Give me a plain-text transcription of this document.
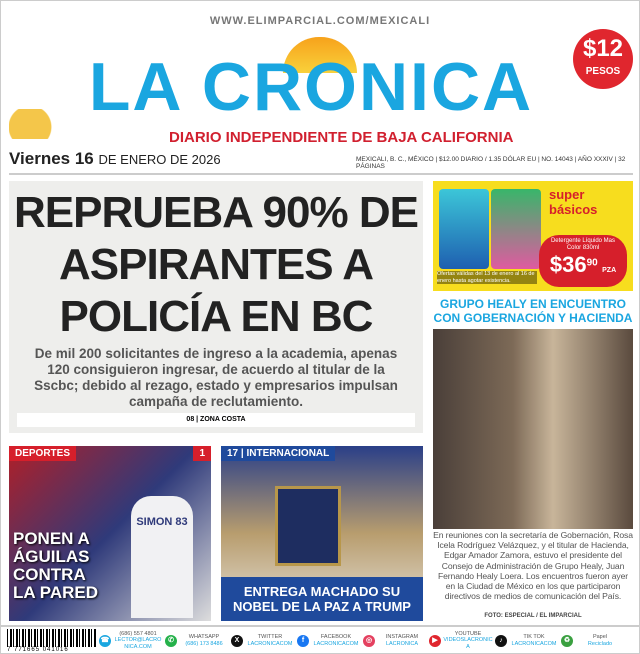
WWW.ELIMPARCIAL.COM/MEXICALI
LA CRONICA
$12
PESOS
DIARIO INDEPENDIENTE DE BAJA CALIFORNIA
Viernes 16 DE ENERO DE 2026	MEXICALI, B. C., MÉXICO | $12.00 DIARIO / 1.35 DÓLAR EU | NO. 14043 | AÑO XXXIV | 32 PÁGINAS
REPRUEBA 90% DE ASPIRANTES A POLICÍA EN BC
De mil 200 solicitantes de ingreso a la academia, apenas 120 consiguieron ingresar, de acuerdo al titular de la Sscbc; debido al rezago, estado y empresarios impulsan campaña de reclutamiento.
08 | ZONA COSTA
super básicos
Detergente Líquido Mas Color 830ml
$\$36^{90}$ PZA
Ofertas válidas del 13 de enero al 16 de enero hasta agotar existencia.
GRUPO HEALY EN ENCUENTRO CON GOBERNACIÓN Y HACIENDA
En reuniones con la secretaría de Gobernación, Rosa Icela Rodríguez Velázquez, y el titular de Hacienda, Edgar Amador Zamora, estuvo el presidente del Consejo de Administración de Grupo Healy, Juan Fernando Healy Loera. Los encuentros fueron ayer en la Ciudad de México en los que participaron directivos de medios de comunicación del País.
FOTO: ESPECIAL / EL IMPARCIAL
DEPORTES	1
SIMON 83
PONEN A ÁGUILAS CONTRA LA PARED
17 | INTERNACIONAL
ENTREGA MACHADO SU NOBEL DE LA PAZ A TRUMP
7 771665 041016
☎
(686) 557 4801
LECTOR@LACRONICA.COM
✆	WHATSAPP
(686) 173 8486	X	TWITTER
LACRONICACOM	f	FACEBOOK
LACRONICACOM	◎	INSTAGRAM
LACRONICA	▶
YOUTUBE
VIDEOSLACRONICA
♪	TIK TOK
LACRONICACOM	♻	Papel
Reciclado
